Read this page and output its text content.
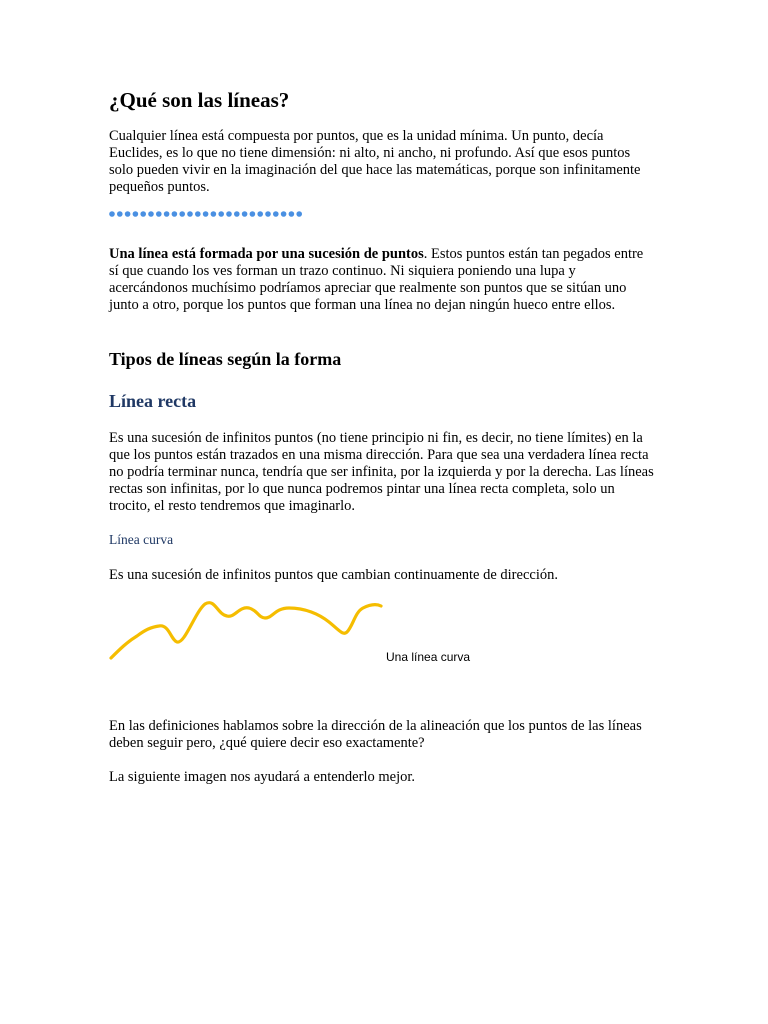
¿Qué son las líneas?

Cualquier línea está compuesta por puntos, que es la unidad mínima. Un punto, decía Euclides, es lo que no tiene dimensión: ni alto, ni ancho, ni profundo. Así que esos puntos solo pueden vivir en la imaginación del que hace las matemáticas, porque son infinitamente pequeños puntos.

Una línea está formada por una sucesión de puntos. Estos puntos están tan pegados entre sí que cuando los ves forman un trazo continuo. Ni siquiera poniendo una lupa y acercándonos muchísimo podríamos apreciar que realmente son puntos que se sitúan uno junto a otro, porque los puntos que forman una línea no dejan ningún hueco entre ellos.

Tipos de líneas según la forma
Línea recta

Es una sucesión de infinitos puntos (no tiene principio ni fin, es decir, no tiene límites) en la que los puntos están trazados en una misma dirección. Para que sea una verdadera línea recta no podría terminar nunca, tendría que ser infinita, por la izquierda y por la derecha. Las líneas rectas son infinitas, por lo que nunca podremos pintar una línea recta completa, solo un trocito, el resto tendremos que imaginarlo.

Línea curva

Es una sucesión de infinitos puntos que cambian continuamente de dirección.

Una línea curva

En las definiciones hablamos sobre la dirección de la alineación que los puntos de las líneas deben seguir pero, ¿qué quiere decir eso exactamente?

La siguiente imagen nos ayudará a entenderlo mejor.
